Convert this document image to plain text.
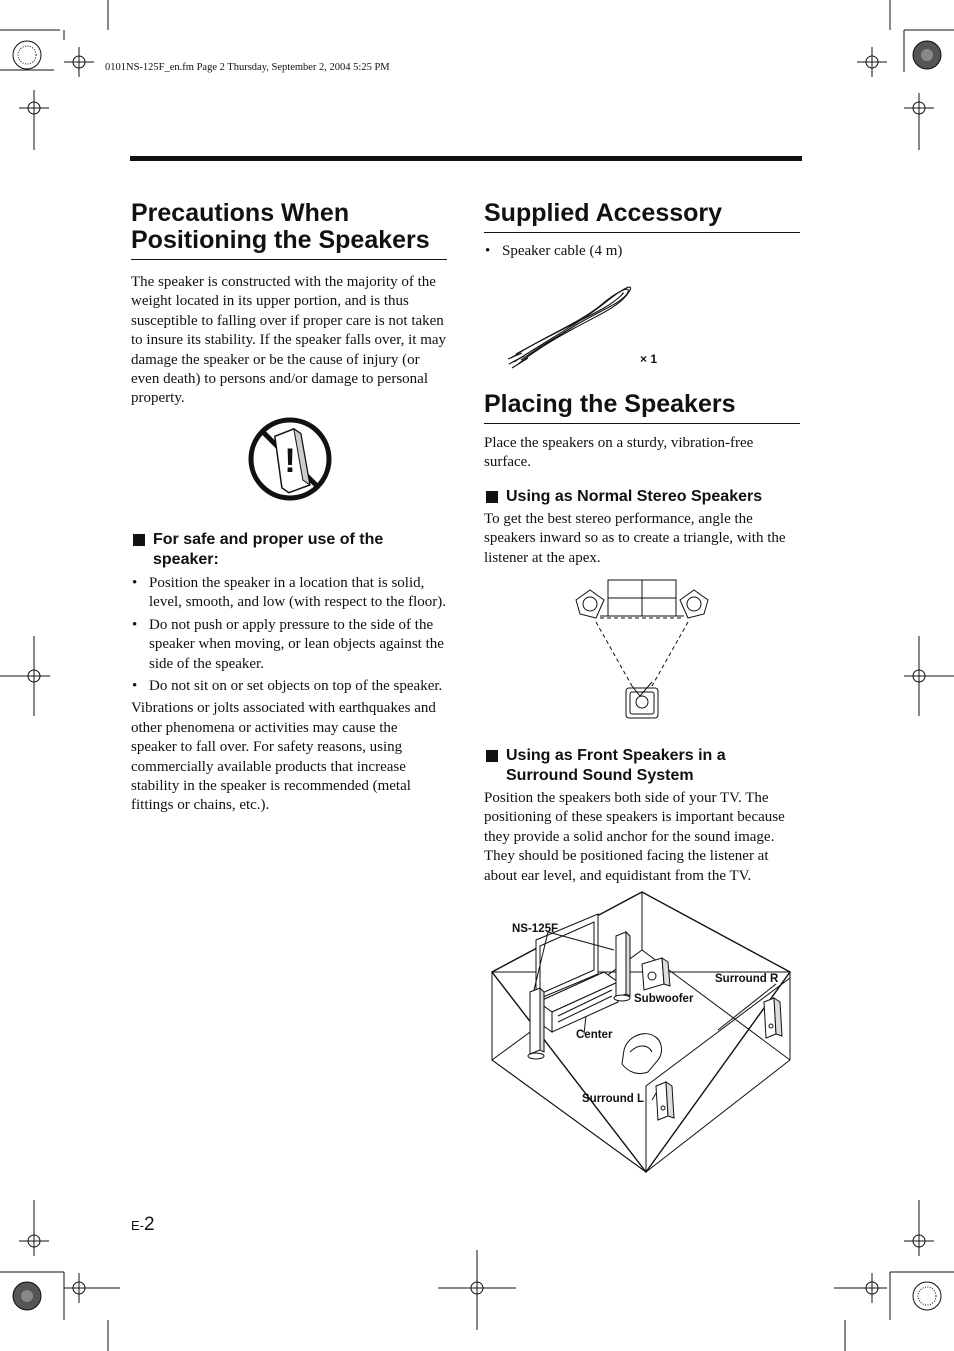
0101NS-125F_en.fm Page 2 Thursday, September 2, 2004 5:25 PM
Precautions When
Positioning the Speakers

The speaker is constructed with the majority of the weight located in its upper portion, and is thus susceptible to falling over if proper care is not taken to insure its stability. If the speaker falls over, it may damage the speaker or be the cause of injury (or even death) to persons and/or damage to personal property.

!
For safe and proper use of the
speaker:
• Position the speaker in a location that is solid, level, smooth, and low (with respect to the floor).
• Do not push or apply pressure to the side of the speaker when moving, or lean objects against the side of the speaker.
• Do not sit on or set objects on top of the speaker.

Vibrations or jolts associated with earthquakes and other phenomena or activities may cause the speaker to fall over. For safety reasons, using commercially available products that increase stability in the speaker is recommended (metal fittings or chains, etc.).

Supplied Accessory
• Speaker cable (4 m)
× 1
Placing the Speakers

Place the speakers on a sturdy, vibration-free surface.

Using as Normal Stereo Speakers

To get the best stereo performance, angle the speakers inward so as to create a triangle, with the listener at the apex.

Using as Front Speakers in a
Surround Sound System

Position the speakers both side of your TV. The positioning of these speakers is important because they provide a solid anchor for the sound image. They should be positioned facing the listener at about ear level, and equidistant from the TV.

NS-125F
Subwoofer
Surround R
Center
Surround L
E-2
